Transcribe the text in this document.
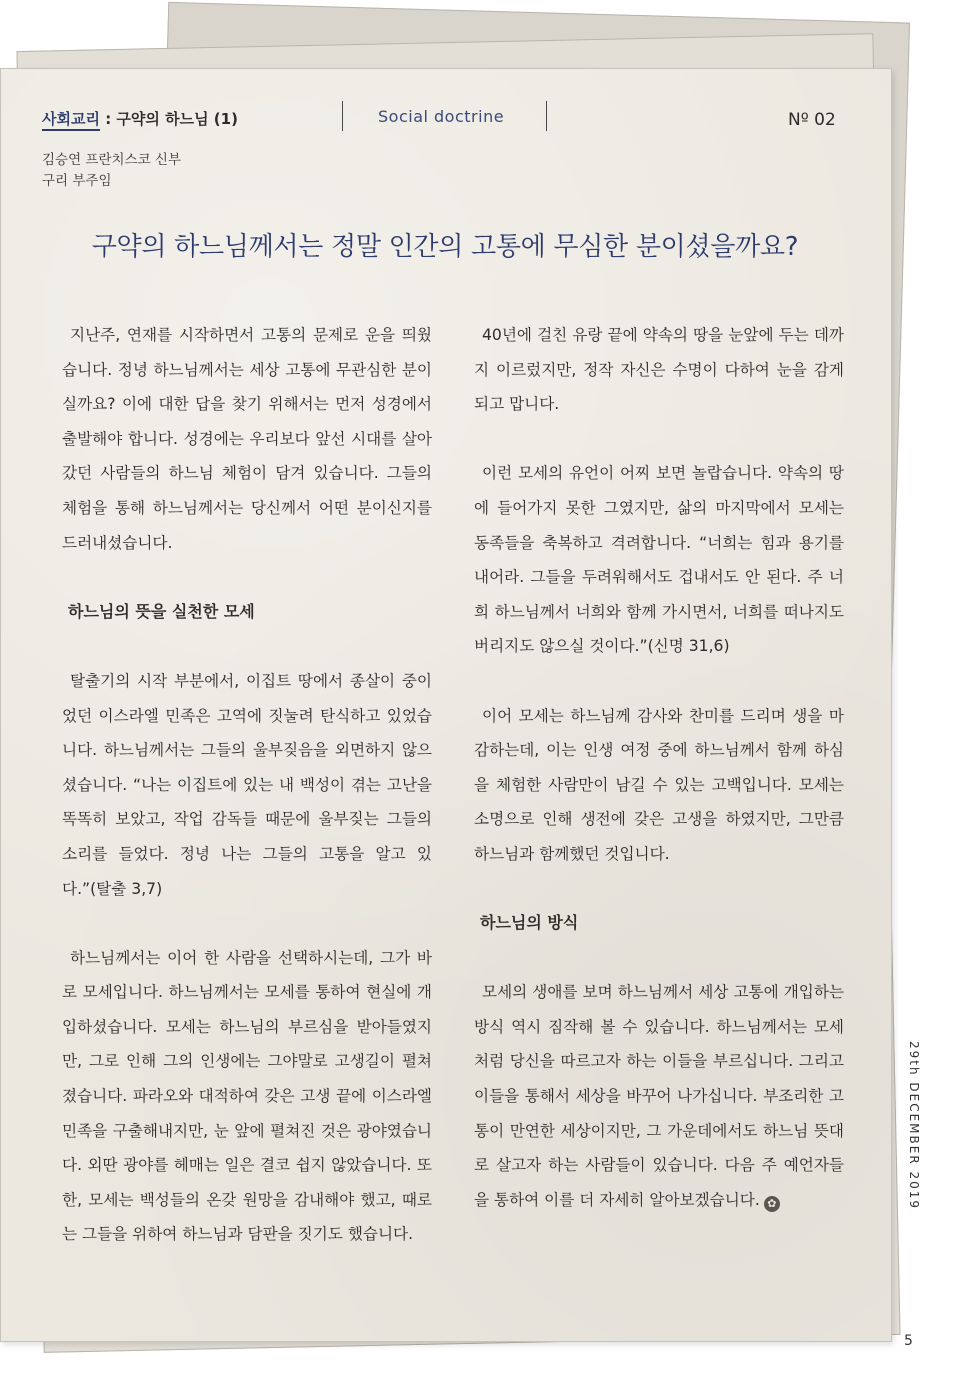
사회교리 : 구약의 하느님 (1)	Social doctrine	Nº 02
김승연 프란치스코 신부
구리 부주임
구약의 하느님께서는 정말 인간의 고통에 무심한 분이셨을까요?

지난주, 연재를 시작하면서 고통의 문제로 운을 띄웠습니다. 정녕 하느님께서는 세상 고통에 무관심한 분이실까요? 이에 대한 답을 찾기 위해서는 먼저 성경에서 출발해야 합니다. 성경에는 우리보다 앞선 시대를 살아갔던 사람들의 하느님 체험이 담겨 있습니다. 그들의 체험을 통해 하느님께서는 당신께서 어떤 분이신지를 드러내셨습니다.

하느님의 뜻을 실천한 모세

탈출기의 시작 부분에서, 이집트 땅에서 종살이 중이었던 이스라엘 민족은 고역에 짓눌려 탄식하고 있었습니다. 하느님께서는 그들의 울부짖음을 외면하지 않으셨습니다. “나는 이집트에 있는 내 백성이 겪는 고난을 똑똑히 보았고, 작업 감독들 때문에 울부짖는 그들의 소리를 들었다. 정녕 나는 그들의 고통을 알고 있다.”(탈출 3,7)

하느님께서는 이어 한 사람을 선택하시는데, 그가 바로 모세입니다. 하느님께서는 모세를 통하여 현실에 개입하셨습니다. 모세는 하느님의 부르심을 받아들였지만, 그로 인해 그의 인생에는 그야말로 고생길이 펼쳐졌습니다. 파라오와 대적하여 갖은 고생 끝에 이스라엘 민족을 구출해내지만, 눈 앞에 펼쳐진 것은 광야였습니다. 외딴 광야를 헤매는 일은 결코 쉽지 않았습니다. 또한, 모세는 백성들의 온갖 원망을 감내해야 했고, 때로는 그들을 위하여 하느님과 담판을 짓기도 했습니다.

40년에 걸친 유랑 끝에 약속의 땅을 눈앞에 두는 데까지 이르렀지만, 정작 자신은 수명이 다하여 눈을 감게 되고 맙니다.

이런 모세의 유언이 어찌 보면 놀랍습니다. 약속의 땅에 들어가지 못한 그였지만, 삶의 마지막에서 모세는 동족들을 축복하고 격려합니다. “너희는 힘과 용기를 내어라. 그들을 두려워해서도 겁내서도 안 된다. 주 너희 하느님께서 너희와 함께 가시면서, 너희를 떠나지도 버리지도 않으실 것이다.”(신명 31,6)

이어 모세는 하느님께 감사와 찬미를 드리며 생을 마감하는데, 이는 인생 여정 중에 하느님께서 함께 하심을 체험한 사람만이 남길 수 있는 고백입니다. 모세는 소명으로 인해 생전에 갖은 고생을 하였지만, 그만큼 하느님과 함께했던 것입니다.

하느님의 방식

모세의 생애를 보며 하느님께서 세상 고통에 개입하는 방식 역시 짐작해 볼 수 있습니다. 하느님께서는 모세처럼 당신을 따르고자 하는 이들을 부르십니다. 그리고 이들을 통해서 세상을 바꾸어 나가십니다. 부조리한 고통이 만연한 세상이지만, 그 가운데에서도 하느님 뜻대로 살고자 하는 사람들이 있습니다. 다음 주 예언자들을 통하여 이를 더 자세히 알아보겠습니다. ✿	29th DECEMBER 2019
5
